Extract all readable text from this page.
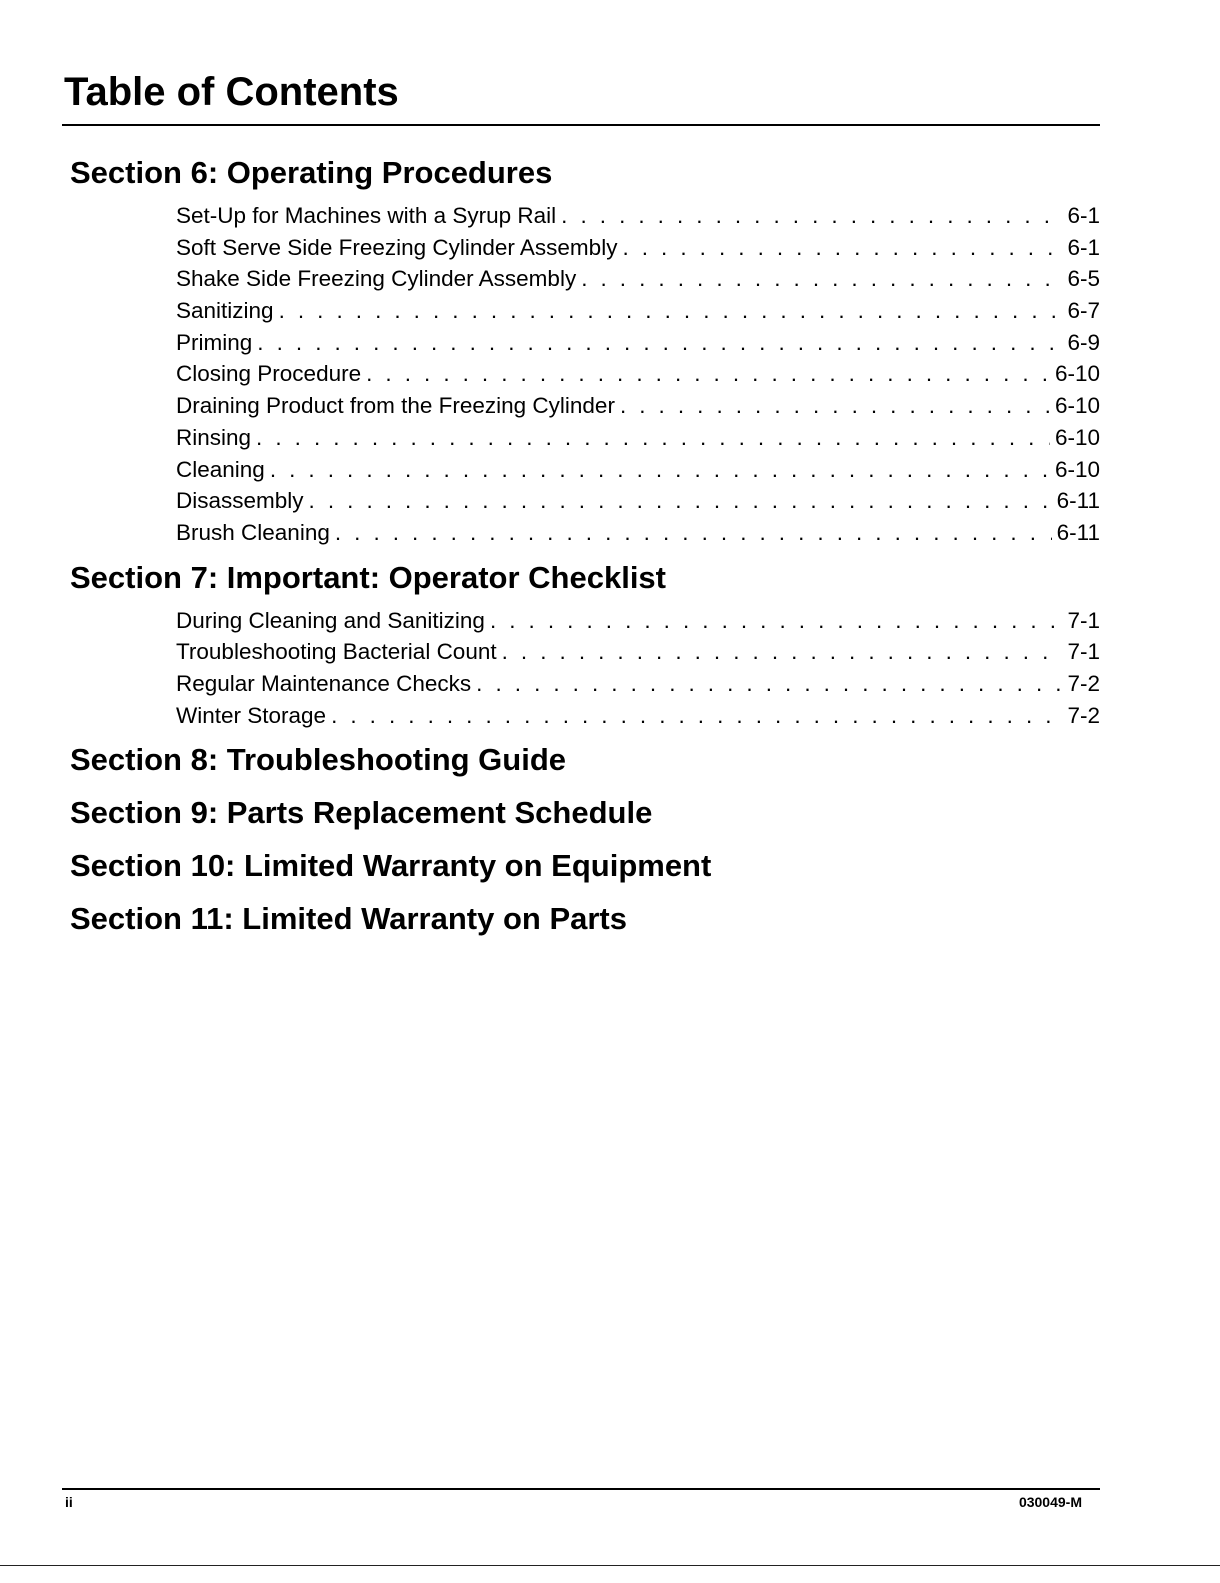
Table of Contents
Section 6: Operating Procedures
Set-Up for Machines with a Syrup Rail . . .	6-1
Soft Serve Side Freezing Cylinder Assembly . . .	6-1
Shake Side Freezing Cylinder Assembly . . .	6-5
Sanitizing . . .	6-7
Priming . . .	6-9
Closing Procedure . . .	6-10
Draining Product from the Freezing Cylinder . . .	6-10
Rinsing . . .	6-10
Cleaning . . .	6-10
Disassembly . . .	6-11
Brush Cleaning . . .	6-11
Section 7: Important: Operator Checklist
During Cleaning and Sanitizing . . .	7-1
Troubleshooting Bacterial Count . . .	7-1
Regular Maintenance Checks . . .	7-2
Winter Storage . . .	7-2
Section 8: Troubleshooting Guide
Section 9: Parts Replacement Schedule
Section 10: Limited Warranty on Equipment
Section 11: Limited Warranty on Parts
ii	030049-M
